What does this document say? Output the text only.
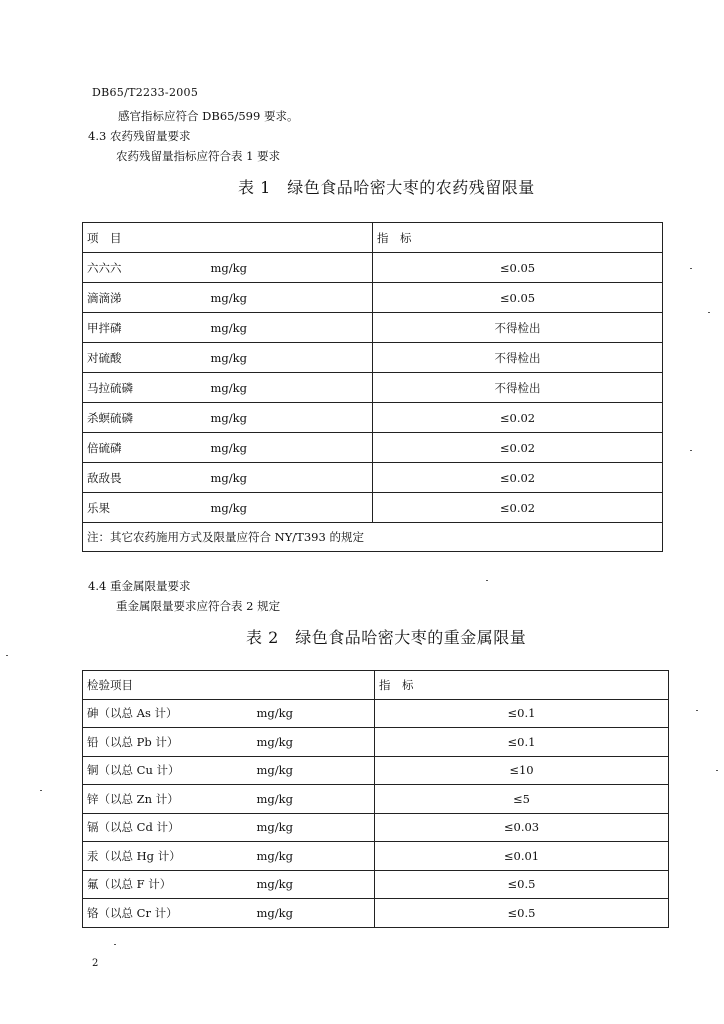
DB65/T2233-2005
感官指标应符合 DB65/599 要求。
4.3 农药残留量要求
农药残留量指标应符合表 1 要求
表 1　绿色食品哈密大枣的农药残留限量
项　目		指　标
六六六	mg/kg	≤0.05
滴滴涕	mg/kg	≤0.05
甲拌磷	mg/kg	不得检出
对硫酸	mg/kg	不得检出
马拉硫磷	mg/kg	不得检出
杀螟硫磷	mg/kg	≤0.02
倍硫磷	mg/kg	≤0.02
敌敌畏	mg/kg	≤0.02
乐果	mg/kg	≤0.02
注：其它农药施用方式及限量应符合 NY/T393 的规定		
4.4 重金属限量要求
重金属限量要求应符合表 2 规定
表 2　绿色食品哈密大枣的重金属限量
检验项目		指　标
砷（以总 As 计）	mg/kg	≤0.1
铅（以总 Pb 计）	mg/kg	≤0.1
铜（以总 Cu 计）	mg/kg	≤10
锌（以总 Zn 计）	mg/kg	≤5
镉（以总 Cd 计）	mg/kg	≤0.03
汞（以总 Hg 计）	mg/kg	≤0.01
氟（以总 F 计）	mg/kg	≤0.5
铬（以总 Cr 计）	mg/kg	≤0.5
2
